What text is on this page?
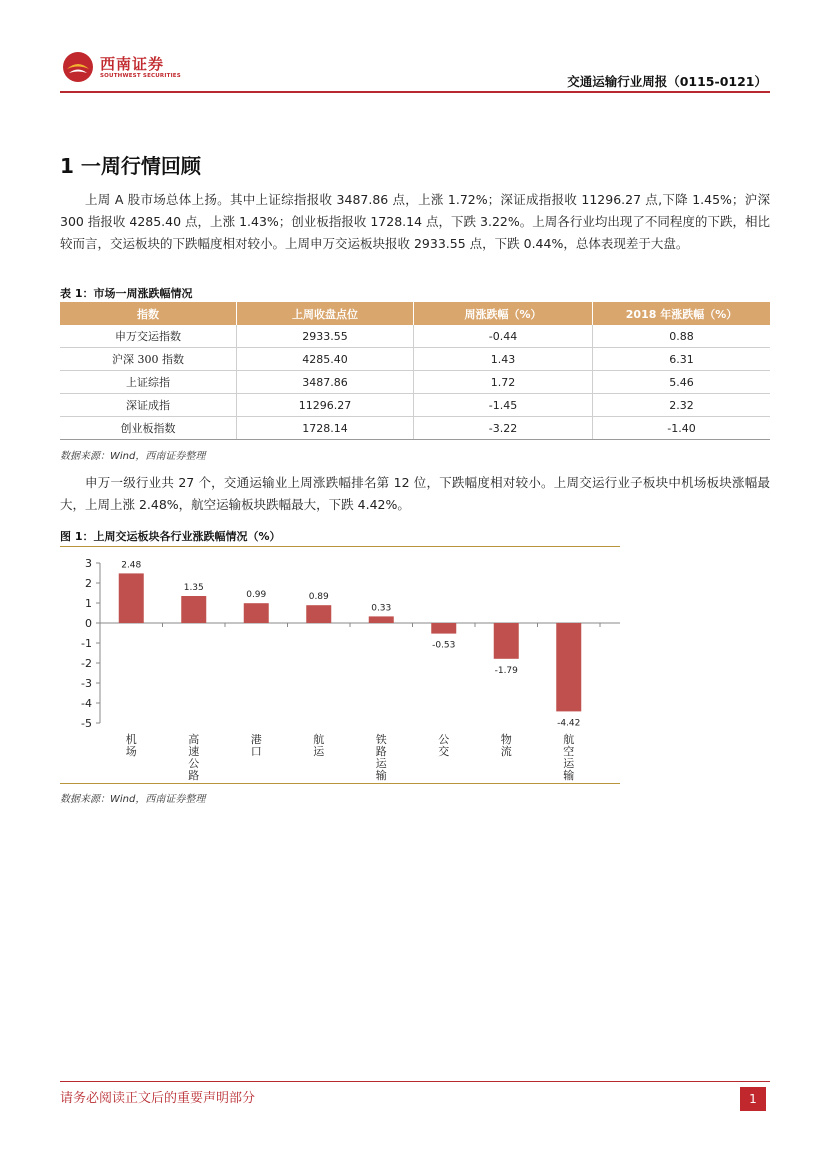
西南证券
SOUTHWEST SECURITIES	交通运输行业周报（0115-0121）
1 一周行情回顾

上周 A 股市场总体上扬。其中上证综指报收 3487.86 点，上涨 1.72%；深证成指报收 11296.27 点,下降 1.45%；沪深 300 指报收 4285.40 点，上涨 1.43%；创业板指报收 1728.14 点，下跌 3.22%。上周各行业均出现了不同程度的下跌，相比较而言，交运板块的下跌幅度相对较小。上周申万交运板块报收 2933.55 点，下跌 0.44%，总体表现差于大盘。

表 1：市场一周涨跌幅情况
指数	上周收盘点位	周涨跌幅（%）	2018 年涨跌幅（%）
申万交运指数	2933.55	-0.44	0.88
沪深 300 指数	4285.40	1.43	6.31
上证综指	3487.86	1.72	5.46
深证成指	11296.27	-1.45	2.32
创业板指数	1728.14	-3.22	-1.40
数据来源：Wind，西南证券整理

申万一级行业共 27 个，交通运输业上周涨跌幅排名第 12 位，下跌幅度相对较小。上周交运行业子板块中机场板块涨幅最大，上周上涨 2.48%，航空运输板块跌幅最大，下跌 4.42%。

图 1：上周交运板块各行业涨跌幅情况（%）
3
2
1
0
-1
-2
-3
-4
-5
2.48
机场
1.35
高速公路
0.99
港口
0.89
航运
0.33
铁路运输
-0.53
公交
-1.79
物流
-4.42
航空运输
数据来源：Wind，西南证券整理
请务必阅读正文后的重要声明部分	1
